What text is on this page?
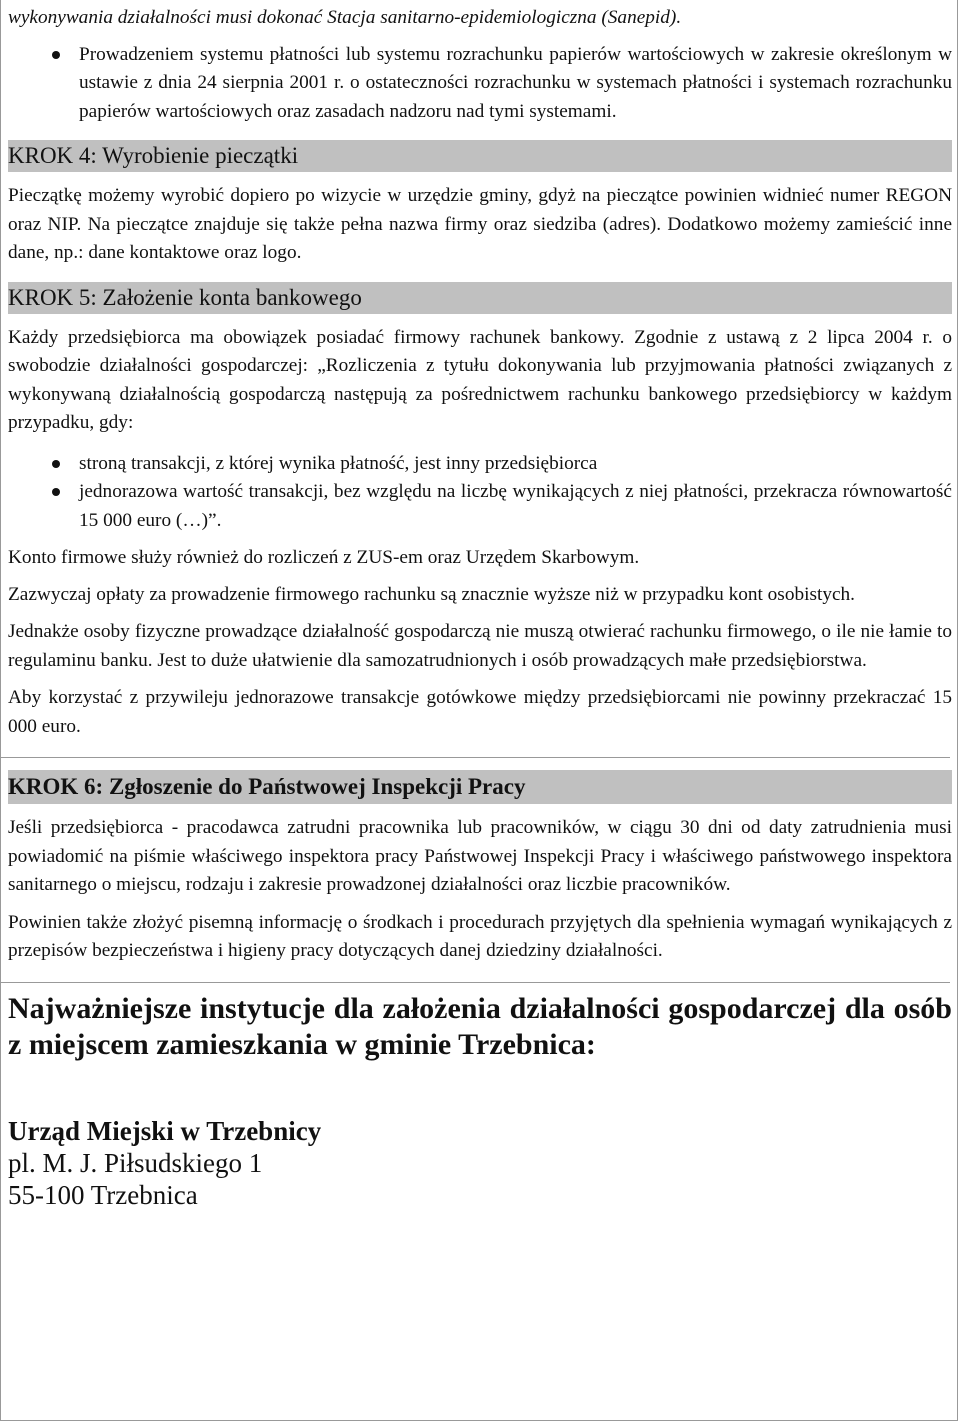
wykonywania działalności musi dokonać Stacja sanitarno-epidemiologiczna (Sanepid).

Prowadzeniem systemu płatności lub systemu rozrachunku papierów wartościowych w zakresie określonym w ustawie z dnia 24 sierpnia 2001 r. o ostateczności rozrachunku w systemach płatności i systemach rozrachunku papierów wartościowych oraz zasadach nadzoru nad tymi systemami.
KROK 4: Wyrobienie pieczątki

Pieczątkę możemy wyrobić dopiero po wizycie w urzędzie gminy, gdyż na pieczątce powinien widnieć numer REGON oraz NIP. Na pieczątce znajduje się także pełna nazwa firmy oraz siedziba (adres). Dodatkowo możemy zamieścić inne dane, np.: dane kontaktowe oraz logo.

KROK 5: Założenie konta bankowego

Każdy przedsiębiorca ma obowiązek posiadać firmowy rachunek bankowy. Zgodnie z ustawą z 2 lipca 2004 r. o swobodzie działalności gospodarczej: „Rozliczenia z tytułu dokonywania lub przyjmowania płatności związanych z wykonywaną działalnością gospodarczą następują za pośrednictwem rachunku bankowego przedsiębiorcy w każdym przypadku, gdy:

stroną transakcji, z której wynika płatność, jest inny przedsiębiorca
jednorazowa wartość transakcji, bez względu na liczbę wynikających z niej płatności, przekracza równowartość 15 000 euro (…)”.

Konto firmowe służy również do rozliczeń z ZUS-em oraz Urzędem Skarbowym.

Zazwyczaj opłaty za prowadzenie firmowego rachunku są znacznie wyższe niż w przypadku kont osobistych.

Jednakże osoby fizyczne prowadzące działalność gospodarczą nie muszą otwierać rachunku firmowego, o ile nie łamie to regulaminu banku. Jest to duże ułatwienie dla samozatrudnionych i osób prowadzących małe przedsiębiorstwa.

Aby korzystać z przywileju jednorazowe transakcje gotówkowe między przedsiębiorcami nie powinny przekraczać 15 000 euro.

KROK 6: Zgłoszenie do Państwowej Inspekcji Pracy

Jeśli przedsiębiorca - pracodawca zatrudni pracownika lub pracowników, w ciągu 30 dni od daty zatrudnienia musi powiadomić na piśmie właściwego inspektora pracy Państwowej Inspekcji Pracy i właściwego państwowego inspektora sanitarnego o miejscu, rodzaju i zakresie prowadzonej działalności oraz liczbie pracowników.

Powinien także złożyć pisemną informację o środkach i procedurach przyjętych dla spełnienia wymagań wynikających z przepisów bezpieczeństwa i higieny pracy dotyczących danej dziedziny działalności.

Najważniejsze instytucje dla założenia działalności gospodarczej dla osób z miejscem zamieszkania w gminie Trzebnica:
Urząd Miejski w Trzebnicy
pl. M. J. Piłsudskiego 1
55-100 Trzebnica
